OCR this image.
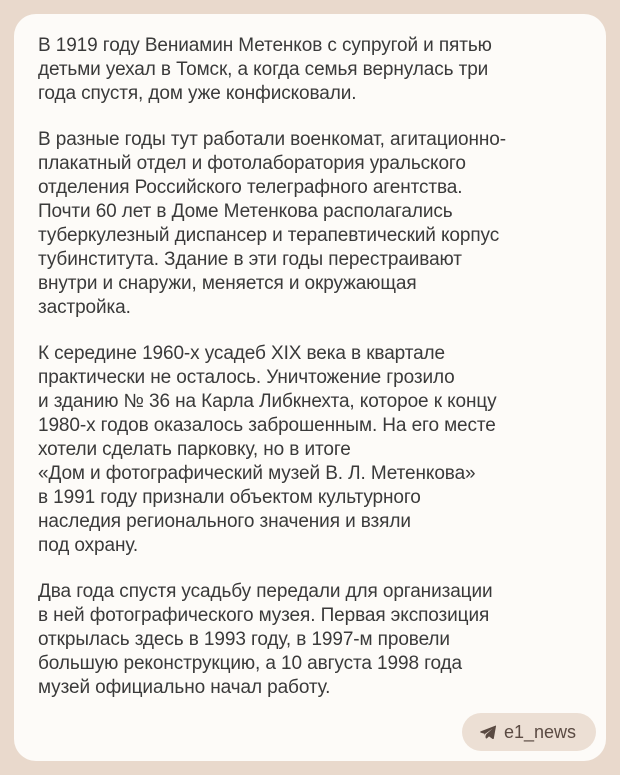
В 1919 году Вениамин Метенков с супругой и пятью
детьми уехал в Томск, а когда семья вернулась три
года спустя, дом уже конфисковали.

В разные годы тут работали военкомат, агитационно-
плакатный отдел и фотолаборатория уральского
отделения Российского телеграфного агентства.
Почти 60 лет в Доме Метенкова располагались
туберкулезный диспансер и терапевтический корпус
тубинститута. Здание в эти годы перестраивают
внутри и снаружи, меняется и окружающая
застройка.

К середине 1960-х усадеб XIX века в квартале
практически не осталось. Уничтожение грозило
и зданию № 36 на Карла Либкнехта, которое к концу
1980-х годов оказалось заброшенным. На его месте
хотели сделать парковку, но в итоге
«Дом и фотографический музей В. Л. Метенкова»
в 1991 году признали объектом культурного
наследия регионального значения и взяли
под охрану.

Два года спустя усадьбу передали для организации
в ней фотографического музея. Первая экспозиция
открылась здесь в 1993 году, в 1997-м провели
большую реконструкцию, а 10 августа 1998 года
музей официально начал работу.

e1_news
